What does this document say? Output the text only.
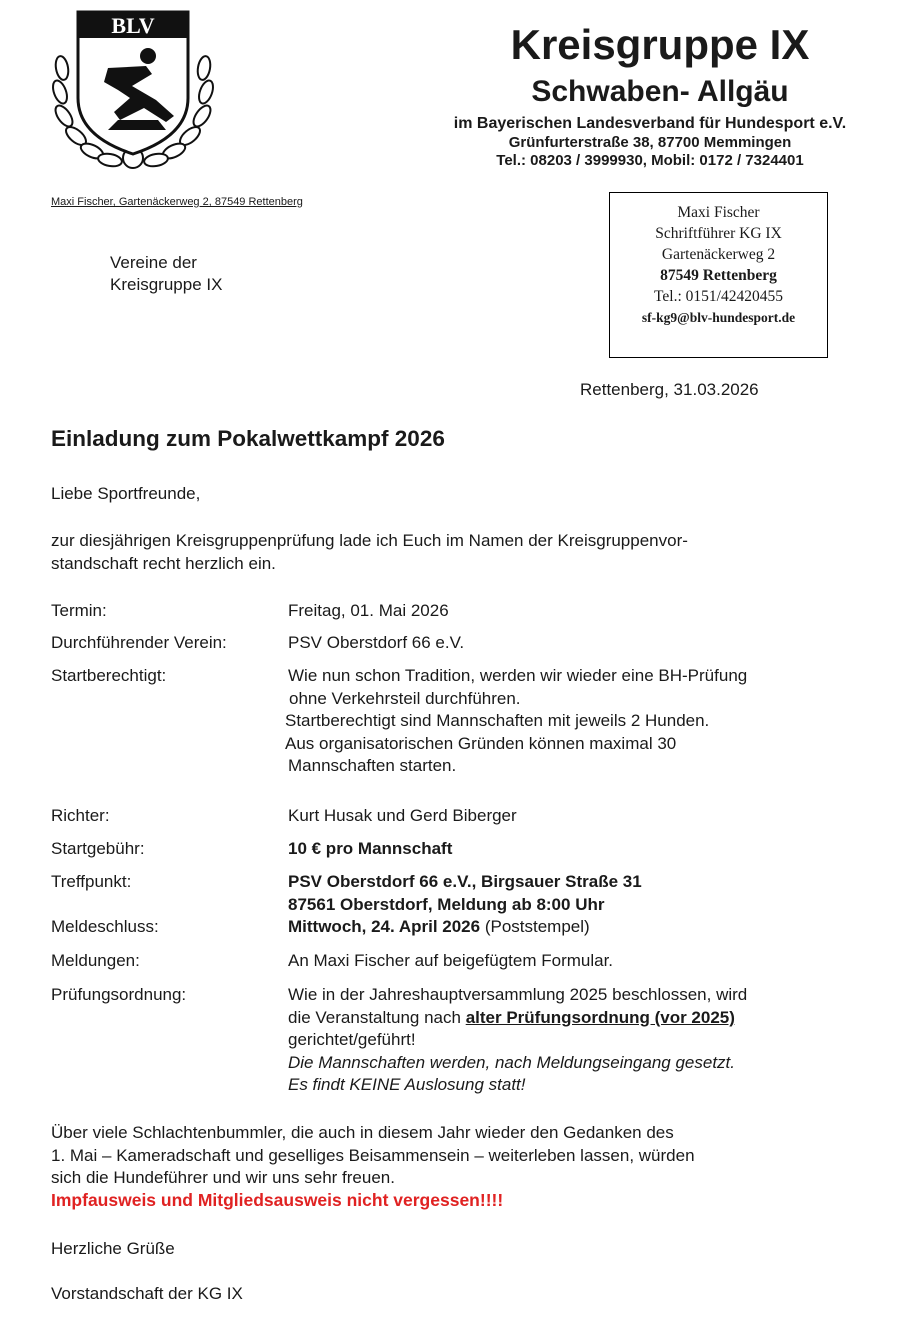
BLV	Kreisgruppe IX
Schwaben- Allgäu
im Bayerischen Landesverband für Hundesport e.V.
Grünfurterstraße 38, 87700 Memmingen
Tel.: 08203 / 3999930, Mobil: 0172 / 7324401
Maxi Fischer, Gartenäckerweg 2, 87549 Rettenberg
Vereine der
Kreisgruppe IX
Maxi Fischer
Schriftführer KG IX
Gartenäckerweg 2
87549 Rettenberg
Tel.: 0151/42420455
sf-kg9@blv-hundesport.de
Rettenberg, 31.03.2026
Einladung zum Pokalwettkampf 2026
Liebe Sportfreunde,
zur diesjährigen Kreisgruppenprüfung lade ich Euch im Namen der Kreisgruppenvor-
standschaft recht herzlich ein.
Termin:	Freitag, 01. Mai 2026
Durchführender Verein:	PSV Oberstdorf 66 e.V.
Startberechtigt:	Wie nun schon Tradition, werden wir wieder eine BH-Prüfung
ohne Verkehrsteil durchführen.
Startberechtigt sind Mannschaften mit jeweils 2 Hunden.
Aus organisatorischen Gründen können maximal 30
Mannschaften starten.
Richter:	Kurt Husak und Gerd Biberger
Startgebühr:	10 € pro Mannschaft
Treffpunkt:	PSV Oberstdorf 66 e.V., Birgsauer Straße 31
87561 Oberstdorf, Meldung ab 8:00 Uhr
Meldeschluss:	Mittwoch, 24. April 2026 (Poststempel)
Meldungen:	An Maxi Fischer auf beigefügtem Formular.
Prüfungsordnung:	Wie in der Jahreshauptversammlung 2025 beschlossen, wird
die Veranstaltung nach alter Prüfungsordnung (vor 2025)
gerichtet/geführt!
Die Mannschaften werden, nach Meldungseingang gesetzt.
Es findt KEINE Auslosung statt!
Über viele Schlachtenbummler, die auch in diesem Jahr wieder den Gedanken des
1. Mai – Kameradschaft und geselliges Beisammensein – weiterleben lassen, würden
sich die Hundeführer und wir uns sehr freuen.
Impfausweis und Mitgliedsausweis nicht vergessen!!!!
Herzliche Grüße
Vorstandschaft der KG IX
